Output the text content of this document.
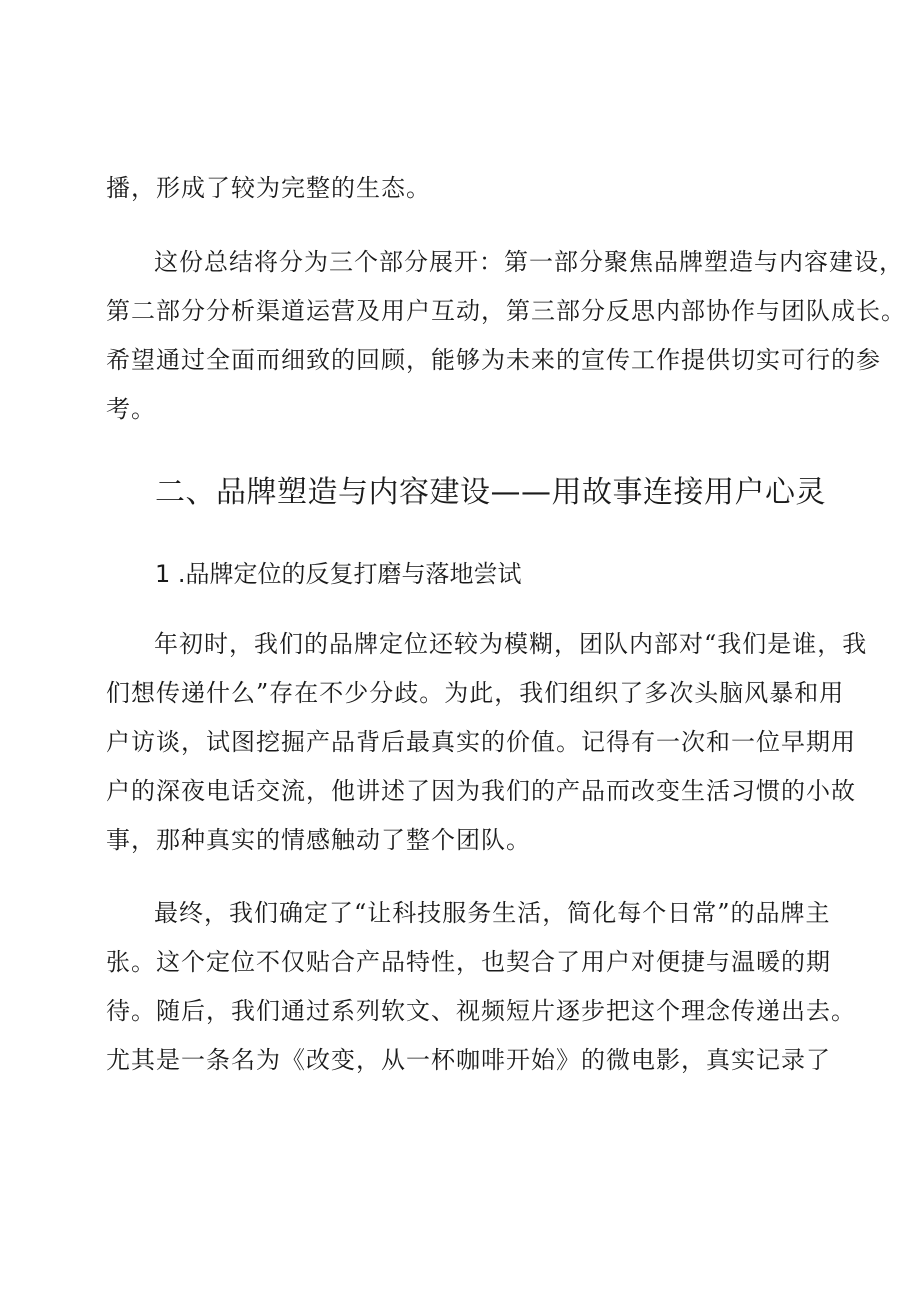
播，形成了较为完整的生态。

这份总结将分为三个部分展开：第一部分聚焦品牌塑造与内容建设，

第二部分分析渠道运营及用户互动，第三部分反思内部协作与团队成长。

希望通过全面而细致的回顾，能够为未来的宣传工作提供切实可行的参

考。

二、品牌塑造与内容建设——用故事连接用户心灵
1 .品牌定位的反复打磨与落地尝试

年初时，我们的品牌定位还较为模糊，团队内部对“我们是谁，我

们想传递什么”存在不少分歧。为此，我们组织了多次头脑风暴和用

户访谈，试图挖掘产品背后最真实的价值。记得有一次和一位早期用

户的深夜电话交流，他讲述了因为我们的产品而改变生活习惯的小故

事，那种真实的情感触动了整个团队。

最终，我们确定了“让科技服务生活，简化每个日常”的品牌主

张。这个定位不仅贴合产品特性，也契合了用户对便捷与温暖的期

待。随后，我们通过系列软文、视频短片逐步把这个理念传递出去。

尤其是一条名为《改变，从一杯咖啡开始》的微电影，真实记录了
